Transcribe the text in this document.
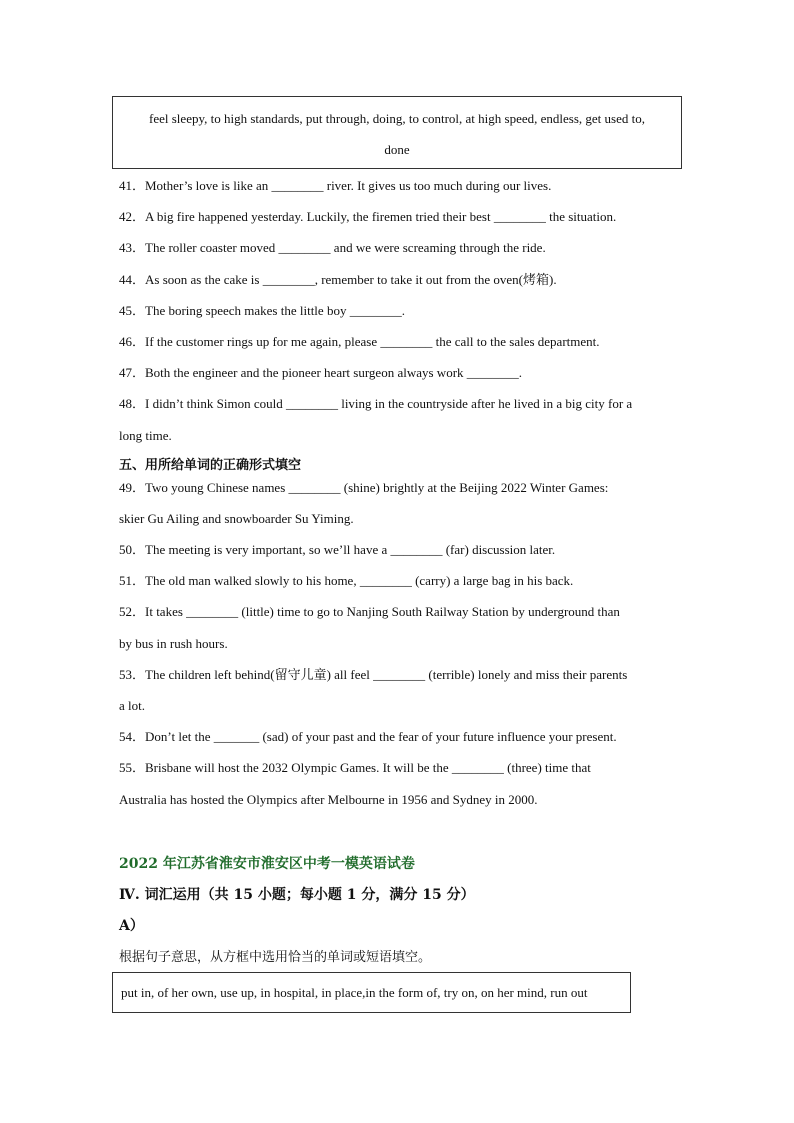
feel sleepy, to high standards, put through, doing, to control, at high speed, endless, get used to,
done
41．Mother’s love is like an ________ river. It gives us too much during our lives.
42．A big fire happened yesterday. Luckily, the firemen tried their best ________ the situation.
43．The roller coaster moved ________ and we were screaming through the ride.
44．As soon as the cake is ________, remember to take it out from the oven(烤箱).
45．The boring speech makes the little boy ________.
46．If the customer rings up for me again, please ________ the call to the sales department.
47．Both the engineer and the pioneer heart surgeon always work ________.
48．I didn’t think Simon could ________ living in the countryside after he lived in a big city for a
long time.
五、用所给单词的正确形式填空
49．Two young Chinese names ________ (shine) brightly at the Beijing 2022 Winter Games:
skier Gu Ailing and snowboarder Su Yiming.
50．The meeting is very important, so we’ll have a ________ (far) discussion later.
51．The old man walked slowly to his home, ________ (carry) a large bag in his back.
52．It takes ________ (little) time to go to Nanjing South Railway Station by underground than
by bus in rush hours.
53．The children left behind(留守儿童) all feel ________ (terrible) lonely and miss their parents
a lot.
54．Don’t let the _______ (sad) of your past and the fear of your future influence your present.
55．Brisbane will host the 2032 Olympic Games. It will be the ________ (three) time that
Australia has hosted the Olympics after Melbourne in 1956 and Sydney in 2000.
2022 年江苏省淮安市淮安区中考一模英语试卷
Ⅳ. 词汇运用（共 15 小题；每小题 1 分，满分 15 分）
A）
根据句子意思，从方框中选用恰当的单词或短语填空。
put in, of her own, use up, in hospital, in place,in the form of, try on, on her mind, run out
